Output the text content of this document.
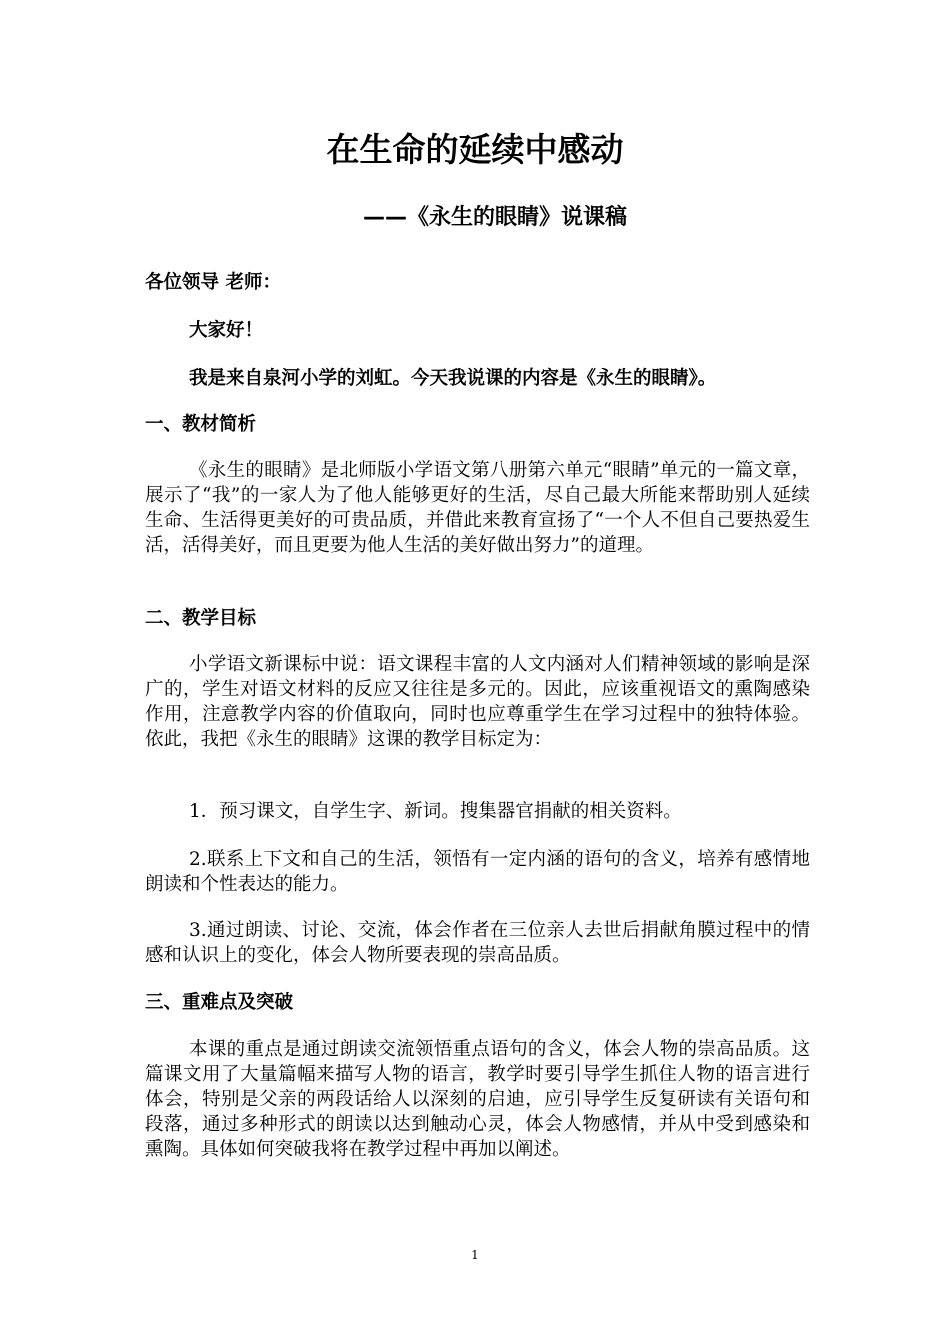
在生命的延续中感动
——《永生的眼睛》说课稿

各位领导 老师：

大家好！

我是来自泉河小学的刘虹。今天我说课的内容是《永生的眼睛》。

一、教材简析

《永生的眼睛》是北师版小学语文第八册第六单元“眼睛”单元的一篇文章，展示了“我”的一家人为了他人能够更好的生活，尽自己最大所能来帮助别人延续生命、生活得更美好的可贵品质，并借此来教育宣扬了“一个人不但自己要热爱生活，活得美好，而且更要为他人生活的美好做出努力”的道理。

二、教学目标

小学语文新课标中说：语文课程丰富的人文内涵对人们精神领域的影响是深广的，学生对语文材料的反应又往往是多元的。因此，应该重视语文的熏陶感染作用，注意教学内容的价值取向，同时也应尊重学生在学习过程中的独特体验。依此，我把《永生的眼睛》这课的教学目标定为：

1．预习课文，自学生字、新词。搜集器官捐献的相关资料。

2.联系上下文和自己的生活，领悟有一定内涵的语句的含义，培养有感情地朗读和个性表达的能力。

3.通过朗读、讨论、交流，体会作者在三位亲人去世后捐献角膜过程中的情感和认识上的变化，体会人物所要表现的崇高品质。

三、重难点及突破

本课的重点是通过朗读交流领悟重点语句的含义，体会人物的崇高品质。这篇课文用了大量篇幅来描写人物的语言，教学时要引导学生抓住人物的语言进行体会，特别是父亲的两段话给人以深刻的启迪，应引导学生反复研读有关语句和段落，通过多种形式的朗读以达到触动心灵，体会人物感情，并从中受到感染和熏陶。具体如何突破我将在教学过程中再加以阐述。

1
